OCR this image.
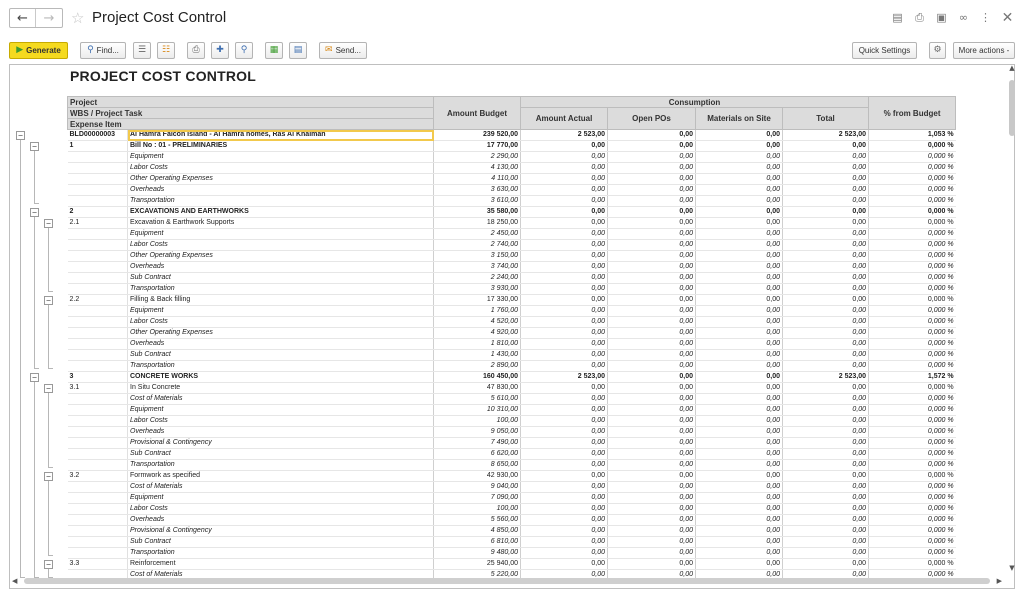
←	→	☆ Project Cost Control	▤	⎙	▣	∞	⋮ ✕
▶ Generate	⚲ Find... ☰ ☷ ⎙ ✚ ⚲ ▦ ▤	✉ Send...	Quick Settings	⚙ More actions -
−
−
−
−
−
−
−
−
−
PROJECT COST CONTROL
Project		Amount Budget	Consumption				% from Budget
WBS / Project Task			Amount Actual	Open POs	Materials on Site	Total	
Expense Item							
BLD00000003	Al Hamra Falcon Island - Al Hamra homes, Ras Al Khaimah	239 520,00	2 523,00	0,00	0,00	2 523,00	1,053 %
1	Bill No : 01 - PRELIMINARIES	17 770,00	0,00	0,00	0,00	0,00	0,000 %
	Equipment	2 290,00	0,00	0,00	0,00	0,00	0,000 %
	Labor Costs	4 130,00	0,00	0,00	0,00	0,00	0,000 %
	Other Operating Expenses	4 110,00	0,00	0,00	0,00	0,00	0,000 %
	Overheads	3 630,00	0,00	0,00	0,00	0,00	0,000 %
	Transportation	3 610,00	0,00	0,00	0,00	0,00	0,000 %
2	EXCAVATIONS AND EARTHWORKS	35 580,00	0,00	0,00	0,00	0,00	0,000 %
2.1	Excavation & Earthwork Supports	18 250,00	0,00	0,00	0,00	0,00	0,000 %
	Equipment	2 450,00	0,00	0,00	0,00	0,00	0,000 %
	Labor Costs	2 740,00	0,00	0,00	0,00	0,00	0,000 %
	Other Operating Expenses	3 150,00	0,00	0,00	0,00	0,00	0,000 %
	Overheads	3 740,00	0,00	0,00	0,00	0,00	0,000 %
	Sub Contract	2 240,00	0,00	0,00	0,00	0,00	0,000 %
	Transportation	3 930,00	0,00	0,00	0,00	0,00	0,000 %
2.2	Filling & Back filling	17 330,00	0,00	0,00	0,00	0,00	0,000 %
	Equipment	1 760,00	0,00	0,00	0,00	0,00	0,000 %
	Labor Costs	4 520,00	0,00	0,00	0,00	0,00	0,000 %
	Other Operating Expenses	4 920,00	0,00	0,00	0,00	0,00	0,000 %
	Overheads	1 810,00	0,00	0,00	0,00	0,00	0,000 %
	Sub Contract	1 430,00	0,00	0,00	0,00	0,00	0,000 %
	Transportation	2 890,00	0,00	0,00	0,00	0,00	0,000 %
3	CONCRETE WORKS	160 450,00	2 523,00	0,00	0,00	2 523,00	1,572 %
3.1	In Situ Concrete	47 830,00	0,00	0,00	0,00	0,00	0,000 %
	Cost of Materials	5 610,00	0,00	0,00	0,00	0,00	0,000 %
	Equipment	10 310,00	0,00	0,00	0,00	0,00	0,000 %
	Labor Costs	100,00	0,00	0,00	0,00	0,00	0,000 %
	Overheads	9 050,00	0,00	0,00	0,00	0,00	0,000 %
	Provisional & Contingency	7 490,00	0,00	0,00	0,00	0,00	0,000 %
	Sub Contract	6 620,00	0,00	0,00	0,00	0,00	0,000 %
	Transportation	8 650,00	0,00	0,00	0,00	0,00	0,000 %
3.2	Formwork as specified	42 930,00	0,00	0,00	0,00	0,00	0,000 %
	Cost of Materials	9 040,00	0,00	0,00	0,00	0,00	0,000 %
	Equipment	7 090,00	0,00	0,00	0,00	0,00	0,000 %
	Labor Costs	100,00	0,00	0,00	0,00	0,00	0,000 %
	Overheads	5 560,00	0,00	0,00	0,00	0,00	0,000 %
	Provisional & Contingency	4 850,00	0,00	0,00	0,00	0,00	0,000 %
	Sub Contract	6 810,00	0,00	0,00	0,00	0,00	0,000 %
	Transportation	9 480,00	0,00	0,00	0,00	0,00	0,000 %
3.3	Reinforcement	25 940,00	0,00	0,00	0,00	0,00	0,000 %
	Cost of Materials	5 220,00	0,00	0,00	0,00	0,00	0,000 %
▲
▼
◀	▶
